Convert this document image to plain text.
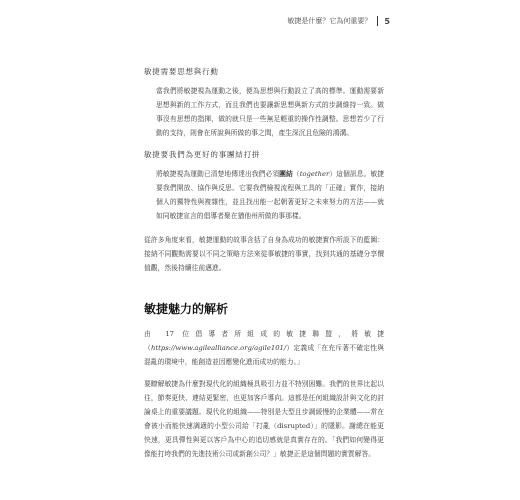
敏捷是什麼？它為何重要？ 5
敏捷需要思想與行動

當我們將敏捷視為運動之後，便為思想與行動設立了高的標準。運動需要新思想與新的工作方式，而且我們也要讓新思想與新方式的步調維持一致。做事沒有思想的指揮，做的就只是一些無足輕重的操作性調整。思想若少了行動的支持，則會在所說與所做的事之間，產生深沉且危險的鴻溝。

敏捷要我們為更好的事團結打拼

將敏捷視為運動已清楚地傳達出我們必須團結（together）這個訊息。敏捷要我們開放、協作與反思。它要我們檢視流程與工具的「正確」實作，接納個人的獨特性與複雜性，並且找出能一起朝著更好之未來努力的方法——就如同敏捷宣言的倡導者聚在猶他州所做的事那樣。

從許多角度來看，敏捷運動的故事含括了自身為成功的敏捷實作所設下的藍圖：接納不同觀點需要以不同之策略方法來從事敏捷的事實，找到共通的基礎分享價值觀，然後持續往前邁進。

敏捷魅力的解析

由 17 位倡導者所組成的敏捷聯盟，將敏捷（https://www.agilealliance.org/agile101/）定義成「在充斥著不確定性與混亂的環境中，能創造並因應變化進而成功的能力。」

要瞭解敏捷為什麼對現代化的組織極具吸引力並不特別困難。我們的世界比起以往，節奏更快、連結更緊密，也更加客戶導向。這都是任何組織設計與文化的討論桌上的重要議題。現代化的組織——特別是大型且步調緩慢的企業體——常在會被小而能快速調適的小型公司給「打亂（disrupted）」的隱影。謝總在能更快速，更具彈性與更以客戶為中心的追切感就是真實存在的。「我們如何變得更像能打垮我們的先進技術公司或新創公司？」敏捷正是這個問題的實質解答。
